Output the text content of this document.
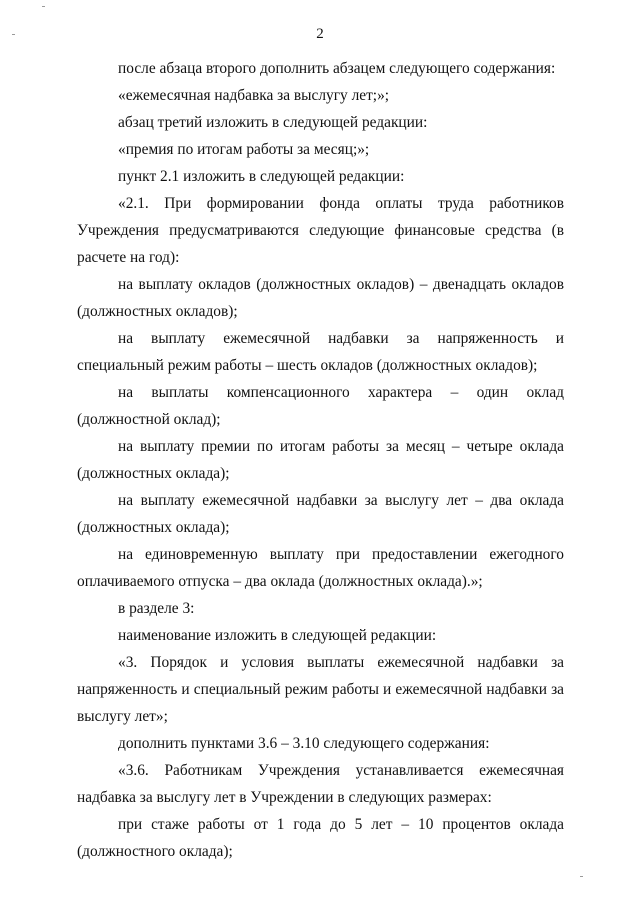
2

после абзаца второго дополнить абзацем следующего содержания:

«ежемесячная надбавка за выслугу лет;»;

абзац третий изложить в следующей редакции:

«премия по итогам работы за месяц;»;

пункт 2.1 изложить в следующей редакции:

«2.1. При формировании фонда оплаты труда работников Учреждения предусматриваются следующие финансовые средства (в расчете на год):

на выплату окладов (должностных окладов) – двенадцать окладов (должностных окладов);

на выплату ежемесячной надбавки за напряженность и специальный режим работы – шесть окладов (должностных окладов);

на выплаты компенсационного характера – один оклад (должностной оклад);

на выплату премии по итогам работы за месяц – четыре оклада (должностных оклада);

на выплату ежемесячной надбавки за выслугу лет – два оклада (должностных оклада);

на единовременную выплату при предоставлении ежегодного оплачиваемого отпуска – два оклада (должностных оклада).»;

в разделе 3:

наименование изложить в следующей редакции:

«3. Порядок и условия выплаты ежемесячной надбавки за напряженность и специальный режим работы и ежемесячной надбавки за выслугу лет»;

дополнить пунктами 3.6 – 3.10 следующего содержания:

«3.6. Работникам Учреждения устанавливается ежемесячная надбавка за выслугу лет в Учреждении в следующих размерах:

при стаже работы от 1 года до 5 лет – 10 процентов оклада (должностного оклада);
